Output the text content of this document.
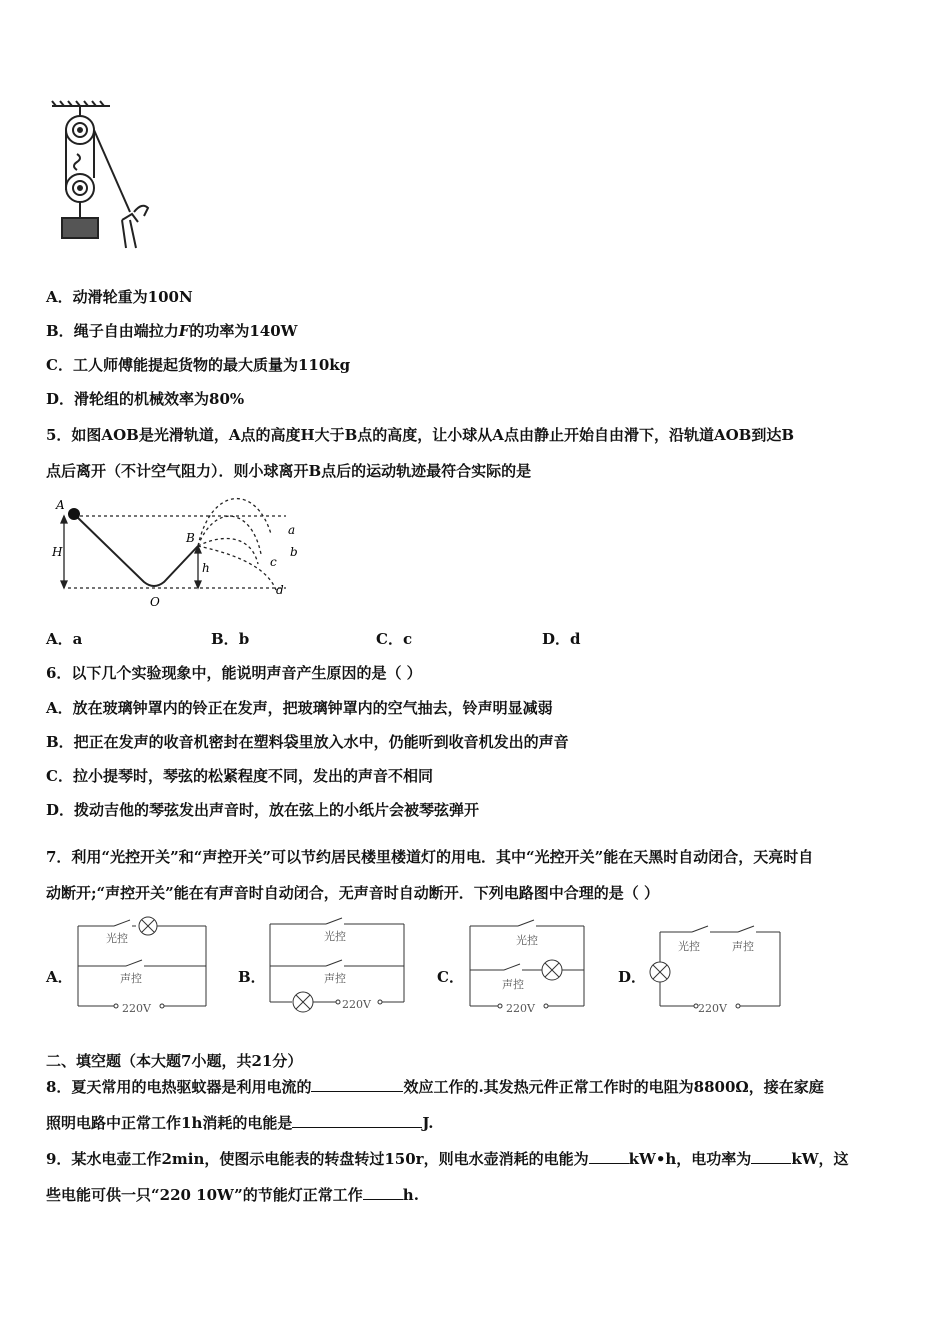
A．动滑轮重为100N
B．绳子自由端拉力F的功率为140W
C．工人师傅能提起货物的最大质量为110kg
D．滑轮组的机械效率为80%
5．如图AOB是光滑轨道，A点的高度H大于B点的高度，让小球从A点由静止开始自由滑下，沿轨道AOB到达B
点后离开（不计空气阻力）．则小球离开B点后的运动轨迹最符合实际的是
A
H
B
h
O
a
b
c
d
A．a	B．b	C．c	D．d
6．以下几个实验现象中，能说明声音产生原因的是（ ）
A．放在玻璃钟罩内的铃正在发声，把玻璃钟罩内的空气抽去，铃声明显减弱
B．把正在发声的收音机密封在塑料袋里放入水中，仍能听到收音机发出的声音
C．拉小提琴时，琴弦的松紧程度不同，发出的声音不相同
D．拨动吉他的琴弦发出声音时，放在弦上的小纸片会被琴弦弹开
7．利用“光控开关”和“声控开关”可以节约居民楼里楼道灯的用电．其中“光控开关”能在天黑时自动闭合，天亮时自
动断开;“声控开关”能在有声音时自动闭合，无声音时自动断开．下列电路图中合理的是（ ）
A．	B．	C．	D．
光控
声控
220V
光控
声控
220V
光控
声控
220V
光控	声控
220V
二、填空题（本大题7小题，共21分）
8．夏天常用的电热驱蚊器是利用电流的	效应工作的.其发热元件正常工作时的电阻为8800Ω，接在家庭
照明电路中正常工作1h消耗的电能是	J.
9．某水电壶工作2min，使图示电能表的转盘转过150r，则电水壶消耗的电能为	kW•h，电功率为	kW，这
些电能可供一只“220 10W”的节能灯正常工作	h.
